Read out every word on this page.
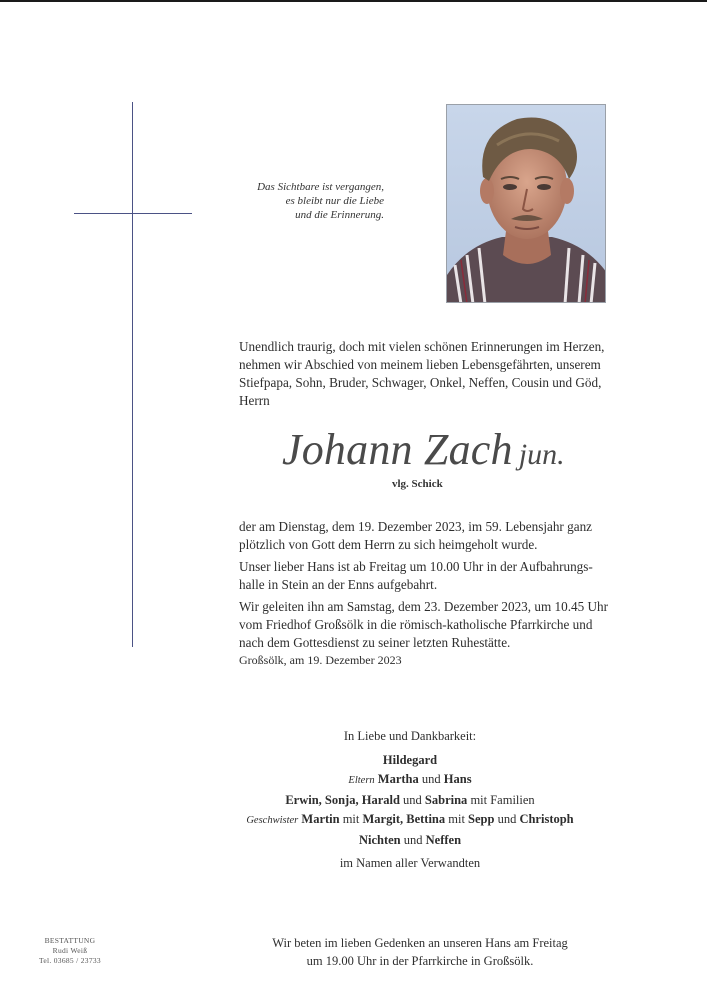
Das Sichtbare ist vergangen,
es bleibt nur die Liebe
und die Erinnerung.
Unendlich traurig, doch mit vielen schönen Erinnerungen im Herzen,
nehmen wir Abschied von meinem lieben Lebensgefährten, unserem
Stiefpapa, Sohn, Bruder, Schwager, Onkel, Neffen, Cousin und Göd,
Herrn
Johann Zach jun.
vlg. Schick
der am Dienstag, dem 19. Dezember 2023, im 59. Lebensjahr ganz
plötzlich von Gott dem Herrn zu sich heimgeholt wurde.
Unser lieber Hans ist ab Freitag um 10.00 Uhr in der Aufbahrungs-
halle in Stein an der Enns aufgebahrt.
Wir geleiten ihn am Samstag, dem 23. Dezember 2023, um 10.45 Uhr
vom Friedhof Großsölk in die römisch-katholische Pfarrkirche und
nach dem Gottesdienst zu seiner letzten Ruhestätte.
Großsölk, am 19. Dezember 2023
In Liebe und Dankbarkeit:
Hildegard
Eltern Martha und Hans
Erwin, Sonja, Harald und Sabrina mit Familien
Geschwister Martin mit Margit, Bettina mit Sepp und Christoph
Nichten und Neffen
im Namen aller Verwandten
BESTATTUNG
Rudi Weiß
Tel. 03685 / 23733
Wir beten im lieben Gedenken an unseren Hans am Freitag
um 19.00 Uhr in der Pfarrkirche in Großsölk.
